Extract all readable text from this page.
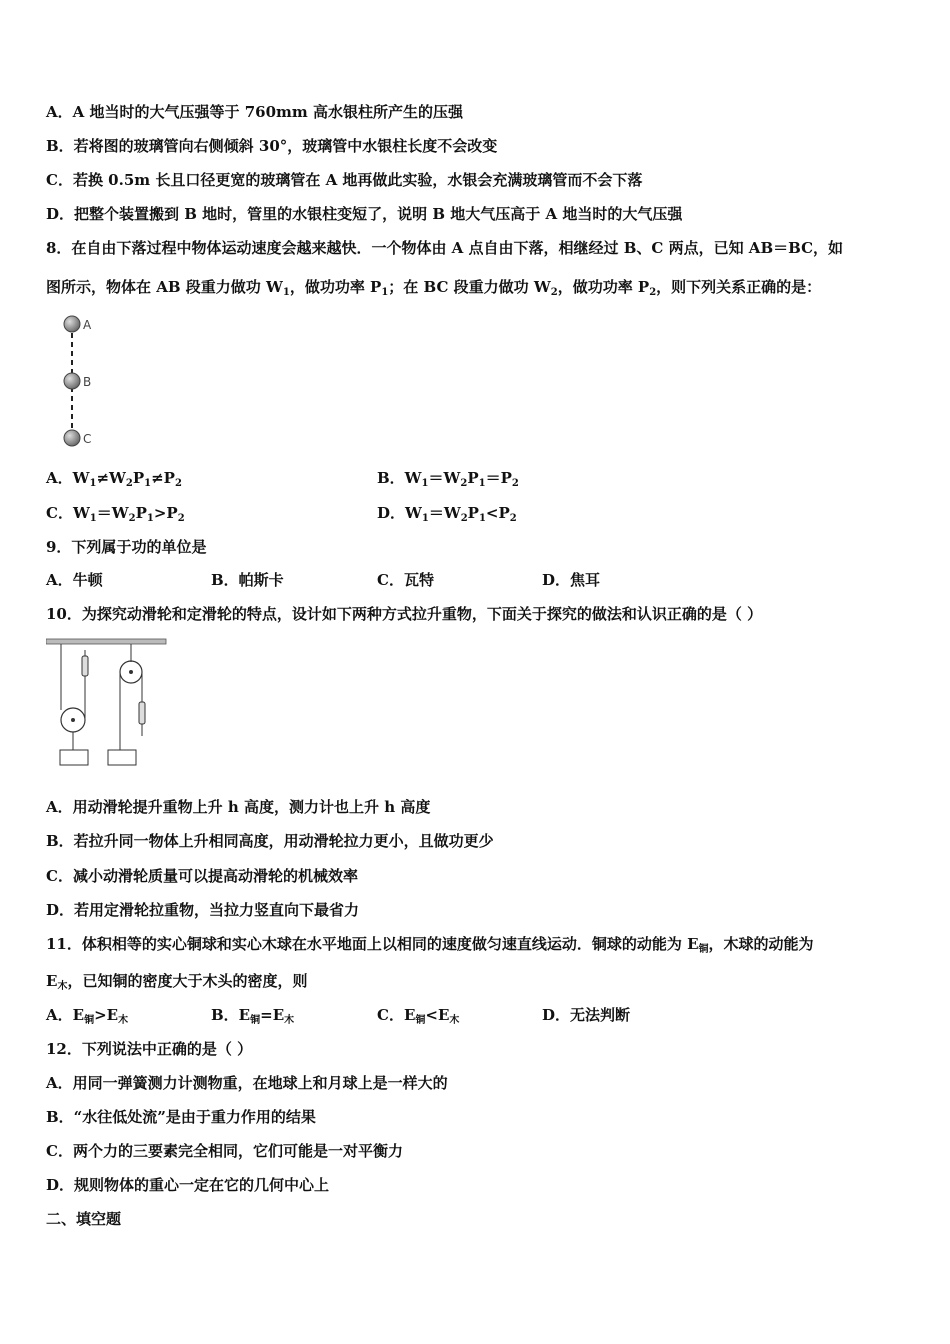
A．A 地当时的大气压强等于 760mm 高水银柱所产生的压强
B．若将图的玻璃管向右侧倾斜 30°，玻璃管中水银柱长度不会改变
C．若换 0.5m 长且口径更宽的玻璃管在 A 地再做此实验，水银会充满玻璃管而不会下落
D．把整个装置搬到 B 地时，管里的水银柱变短了，说明 B 地大气压高于 A 地当时的大气压强
8．在自由下落过程中物体运动速度会越来越快．一个物体由 A 点自由下落，相继经过 B、C 两点，已知 AB＝BC，如
图所示，物体在 AB 段重力做功 $W_1$，做功功率 $P_1$；在 BC 段重力做功 $W_2$，做功功率 $P_2$，则下列关系正确的是：
A
B
C
A．$W_1\ne W_2P_1\ne P_2$	B．$W_1=W_2P_1=P_2$
C．$W_1=W_2P_1>P_2$	D．$W_1=W_2P_1<P_2$
9．下列属于功的单位是
A．牛顿	B．帕斯卡	C．瓦特	D．焦耳
10．为探究动滑轮和定滑轮的特点，设计如下两种方式拉升重物，下面关于探究的做法和认识正确的是（ ）
A．用动滑轮提升重物上升 h 高度，测力计也上升 h 高度
B．若拉升同一物体上升相同高度，用动滑轮拉力更小，且做功更少
C．减小动滑轮质量可以提高动滑轮的机械效率
D．若用定滑轮拉重物，当拉力竖直向下最省力
11．体积相等的实心铜球和实心木球在水平地面上以相同的速度做匀速直线运动．铜球的动能为 $E_铜$，木球的动能为
$E_木$，已知铜的密度大于木头的密度，则
A．$E_铜>E_木$	B．$E_铜=E_木$	C．$E_铜<E_木$	D．无法判断
12．下列说法中正确的是（ ）
A．用同一弹簧测力计测物重，在地球上和月球上是一样大的
B．“水往低处流”是由于重力作用的结果
C．两个力的三要素完全相同，它们可能是一对平衡力
D．规则物体的重心一定在它的几何中心上
二、填空题
